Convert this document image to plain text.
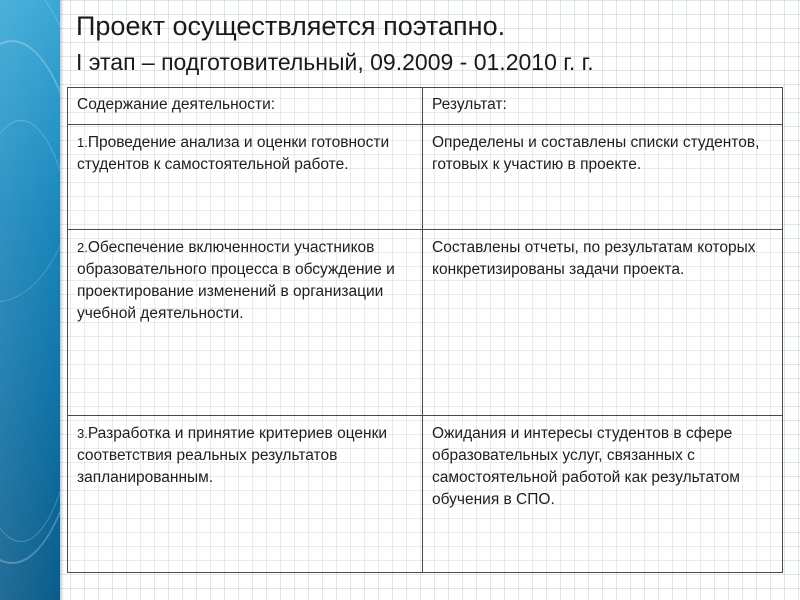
Проект осуществляется поэтапно.
I этап – подготовительный, 09.2009 - 01.2010 г. г.
Содержание деятельности:	Результат:
1.Проведение анализа и оценки готовности студентов к самостоятельной работе.	Определены и составлены списки студентов, готовых к участию в проекте.
2.Обеспечение включенности участников образовательного процесса в обсуждение и проектирование изменений в организации учебной деятельности.	Составлены отчеты, по результатам которых конкретизированы задачи проекта.
3.Разработка и принятие критериев оценки соответствия реальных результатов запланированным.	Ожидания и интересы студентов в сфере образовательных услуг, связанных с самостоятельной работой как результатом обучения в СПО.
